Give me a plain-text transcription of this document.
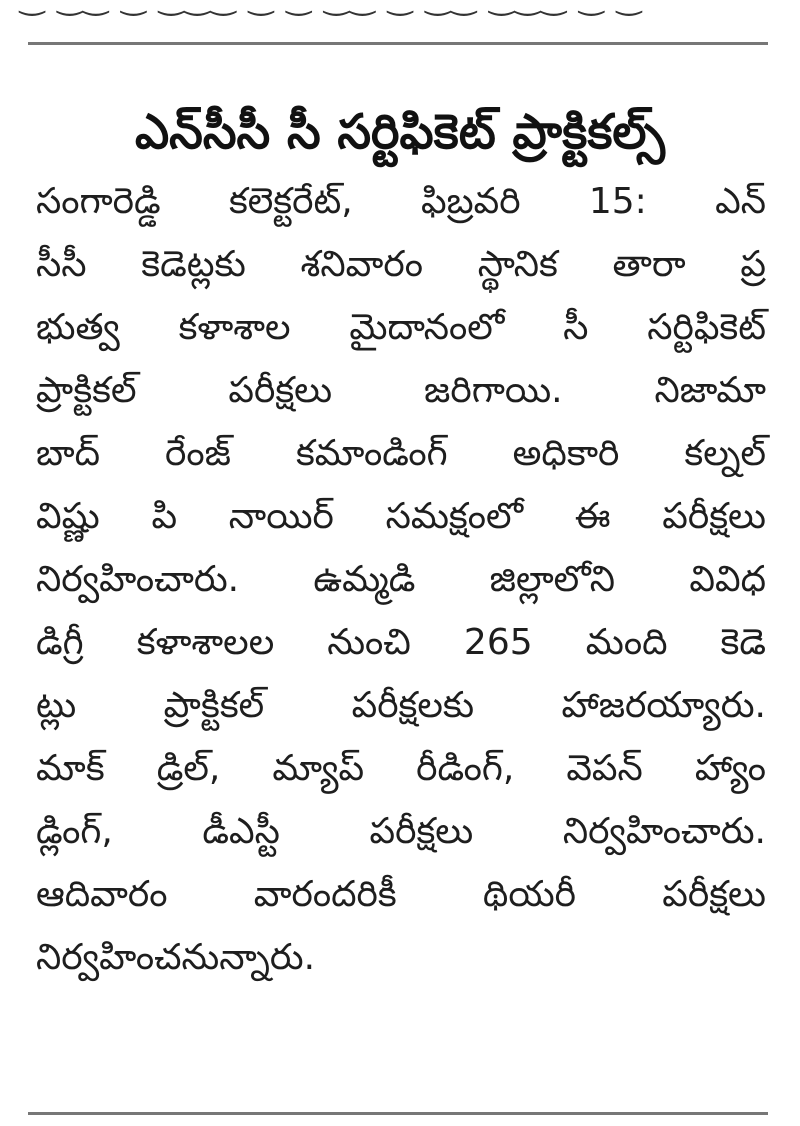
ఎన్‌సీసీ సీ సర్టిఫికెట్ ప్రాక్టికల్స్
సంగారెడ్డి కలెక్టరేట్, ఫిబ్రవరి 15: ఎన్
సీసీ కెడెట్లకు శనివారం స్థానిక తారా ప్ర
భుత్వ కళాశాల మైదానంలో సీ సర్టిఫికెట్
ప్రాక్టికల్ పరీక్షలు జరిగాయి. నిజామా
బాద్ రేంజ్ కమాండింగ్ అధికారి కల్నల్
విష్ణు పి నాయిర్ సమక్షంలో ఈ పరీక్షలు
నిర్వహించారు. ఉమ్మడి జిల్లాలోని వివిధ
డిగ్రీ కళాశాలల నుంచి 265 మంది కెడె
ట్లు ప్రాక్టికల్ పరీక్షలకు హాజరయ్యారు.
మాక్ డ్రిల్, మ్యాప్ రీడింగ్, వెపన్ హ్యాం
డ్లింగ్, డీఎస్టీ పరీక్షలు నిర్వహించారు.
ఆదివారం వారందరికీ థియరీ పరీక్షలు
నిర్వహించనున్నారు.
